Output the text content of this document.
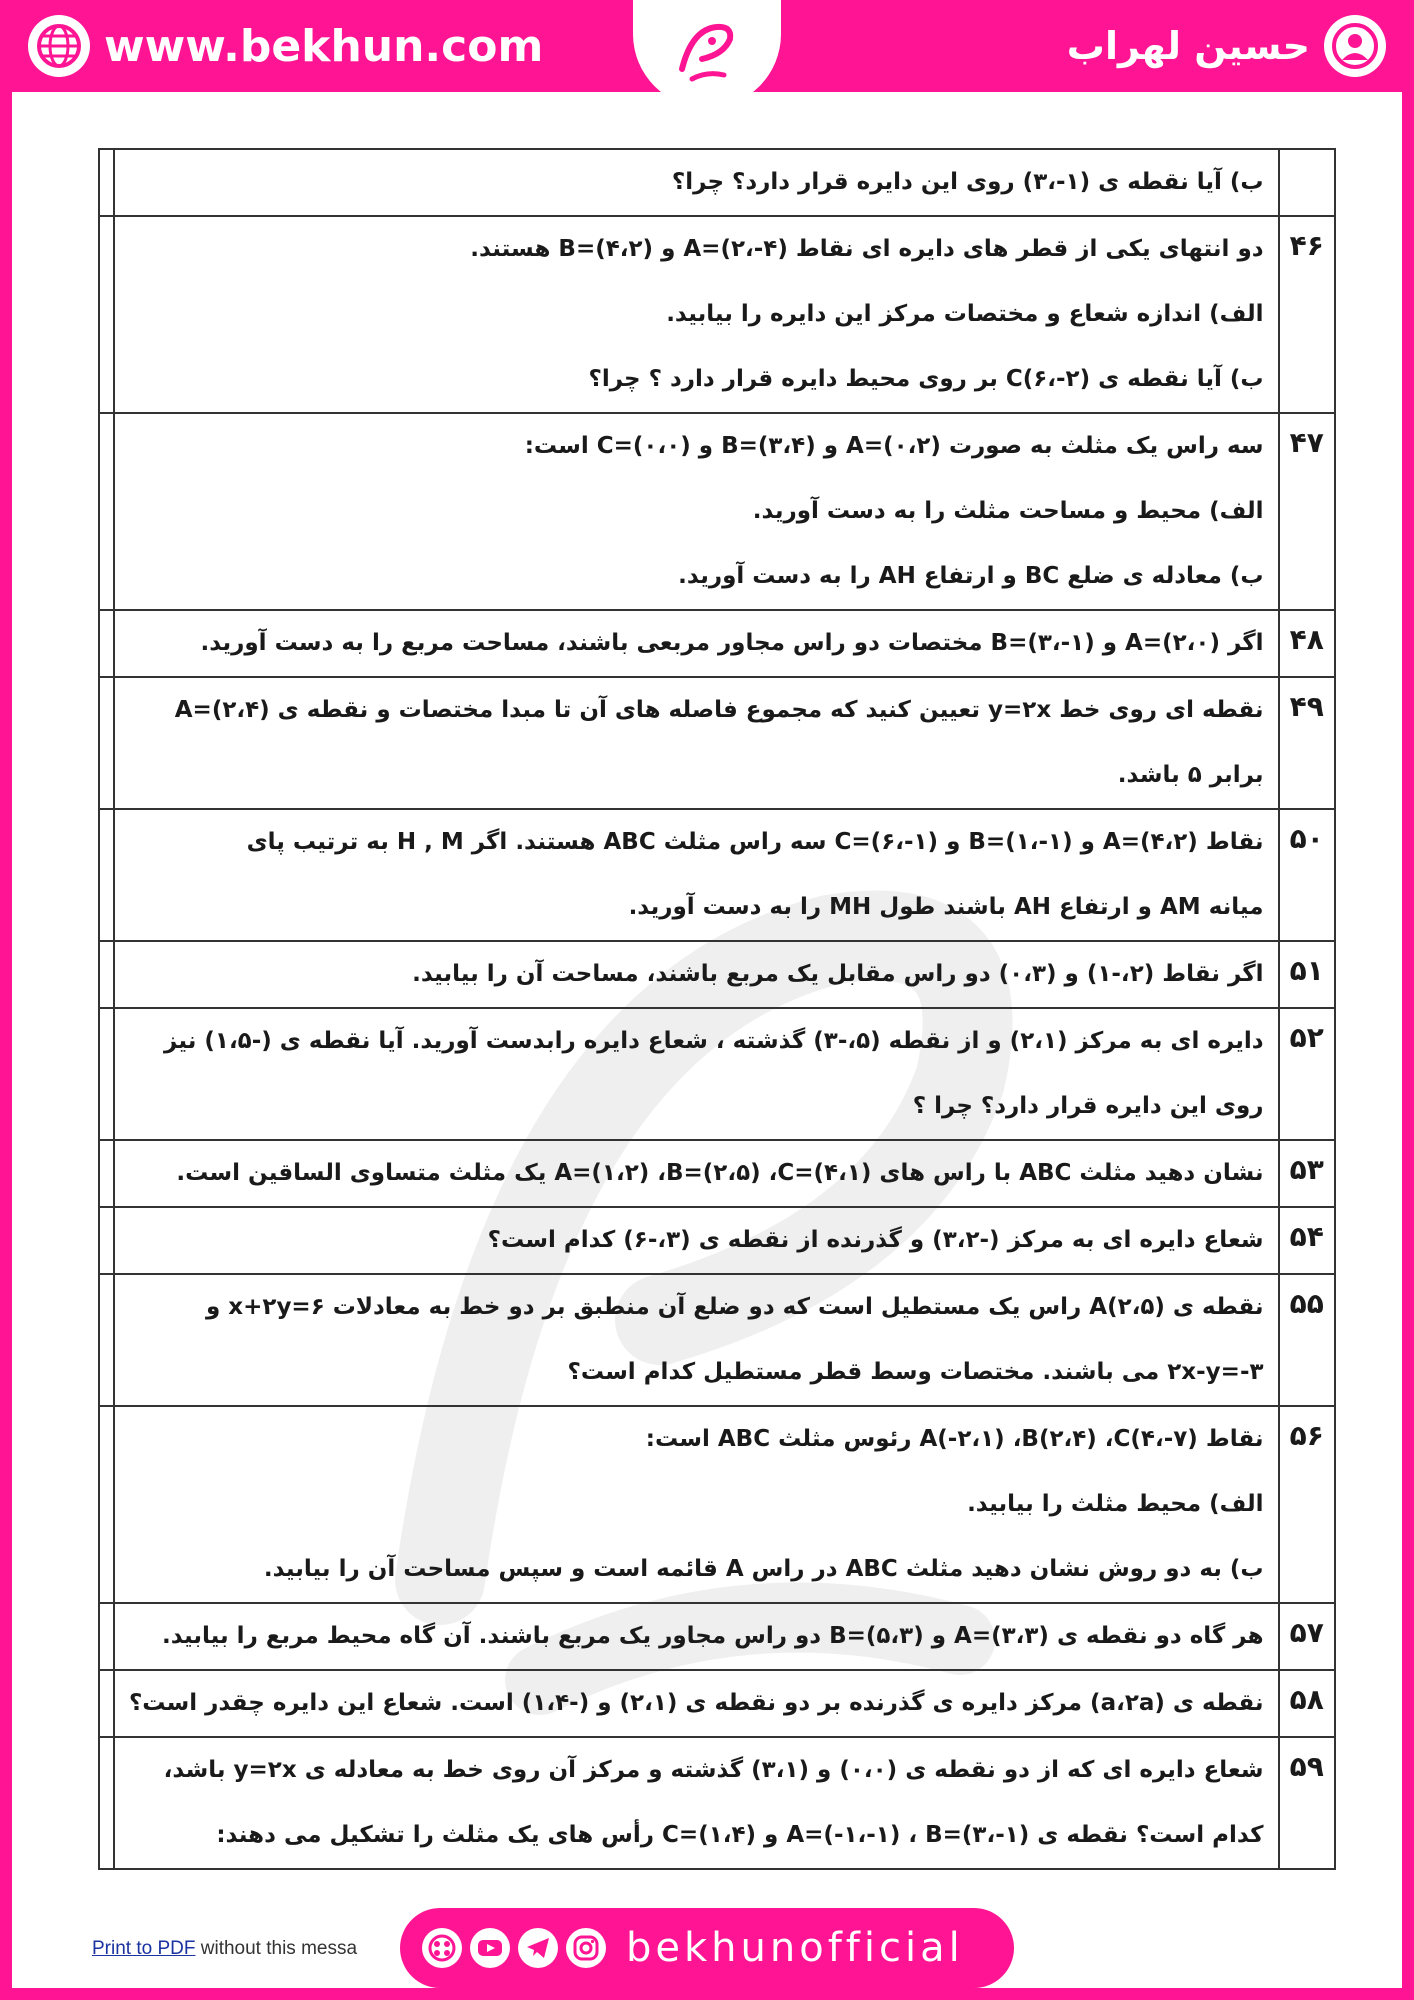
www.bekhun.com	حسین لهراب

	ب) آیا نقطه ی (۱-،۳) روی این دایره قرار دارد؟ چرا؟	

۴۶	دو انتهای یکی از قطر های دایره ای نقاط A=(۲،-۴) و B=(۴،۲) هستند.
الف) اندازه شعاع و مختصات مرکز این دایره را بیابید.
ب) آیا نقطه ی C(۶،-۲) بر روی محیط دایره قرار دارد ؟ چرا؟	

۴۷	سه راس یک مثلث به صورت A=(۰،۲) و B=(۳،۴) و C=(۰،۰) است:
الف) محیط و مساحت مثلث را به دست آورید.
ب) معادله ی ضلع BC و ارتفاع AH را به دست آورید.	

۴۸	اگر A=(۲،۰) و B=(۳،-۱) مختصات دو راس مجاور مربعی باشند، مساحت مربع را به دست آورید.	

۴۹	نقطه ای روی خط y=۲x تعیین کنید که مجموع فاصله های آن تا مبدا مختصات و نقطه ی A=(۲،۴)
برابر ۵ باشد.	

۵۰	نقاط A=(۴،۲) و B=(۱،-۱) و C=(۶،-۱) سه راس مثلث ABC هستند. اگر H , M به ترتیب پای
میانه AM و ارتفاع AH باشند طول MH را به دست آورید.	

۵۱	اگر نقاط (۲،-۱) و (۰،۳) دو راس مقابل یک مربع باشند، مساحت آن را بیابید.	

۵۲	دایره ای به مرکز (۲،۱) و از نقطه (۵،-۳) گذشته ، شعاع دایره رابدست آورید. آیا نقطه ی (-۱،۵) نیز
روی این دایره قرار دارد؟ چرا ؟	

۵۳	نشان دهید مثلث ABC با راس های A=(۱،۲) ،B=(۲،۵) ،C=(۴،۱) یک مثلث متساوی الساقین است.	

۵۴	شعاع دایره ای به مرکز (-۳،۲) و گذرنده از نقطه ی (۳،-۶) کدام است؟	

۵۵	نقطه ی A(۲،۵) راس یک مستطیل است که دو ضلع آن منطبق بر دو خط به معادلات x+۲y=۶ و
۲x-y=-۳ می باشند. مختصات وسط قطر مستطیل کدام است؟	

۵۶	نقاط A(-۲،۱) ،B(۲،۴) ،C(۴،-۷) رئوس مثلث ABC است:
الف) محیط مثلث را بیابید.
ب) به دو روش نشان دهید مثلث ABC در راس A قائمه است و سپس مساحت آن را بیابید.	

۵۷	هر گاه دو نقطه ی A=(۳،۳) و B=(۵،۳) دو راس مجاور یک مربع باشند. آن گاه محیط مربع را بیابید.	

۵۸	نقطه ی (a،۲a) مرکز دایره ی گذرنده بر دو نقطه ی (۲،۱) و (-۱،۴) است. شعاع این دایره چقدر است؟	

۵۹	شعاع دایره ای که از دو نقطه ی (۰،۰) و (۳،۱) گذشته و مرکز آن روی خط به معادله ی y=۲x باشد،
کدام است؟ نقطه ی A=(-۱،-۱) ، B=(۳،-۱) و C=(۱،۴) رأس های یک مثلث را تشکیل می دهند:	

Print to PDF without this messa	bekhunofficial
